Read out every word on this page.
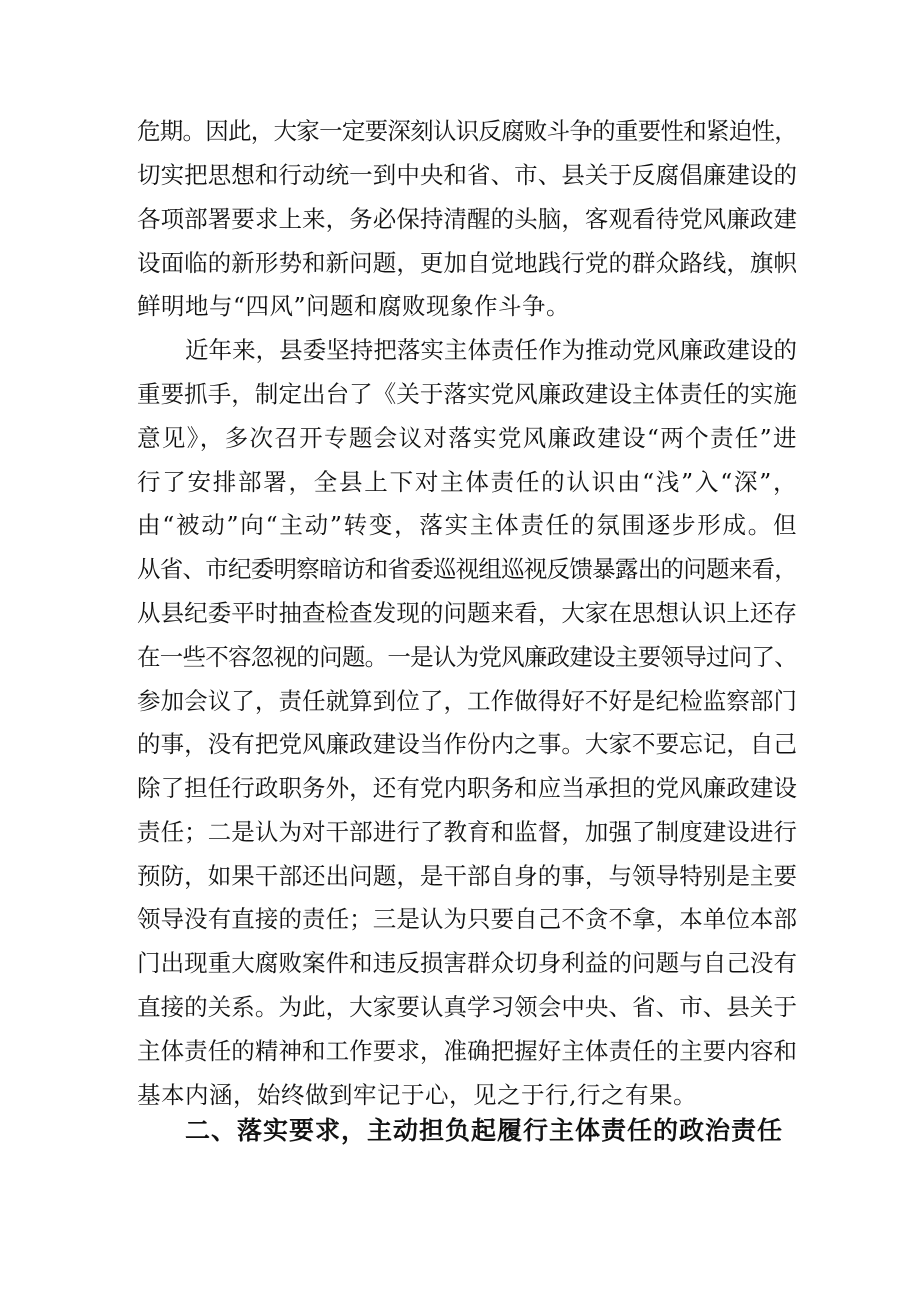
危期。因此，大家一定要深刻认识反腐败斗争的重要性和紧迫性，
切实把思想和行动统一到中央和省、市、县关于反腐倡廉建设的
各项部署要求上来，务必保持清醒的头脑，客观看待党风廉政建
设面临的新形势和新问题，更加自觉地践行党的群众路线，旗帜
鲜明地与“四风”问题和腐败现象作斗争。
近年来，县委坚持把落实主体责任作为推动党风廉政建设的
重要抓手，制定出台了《关于落实党风廉政建设主体责任的实施
意见》，多次召开专题会议对落实党风廉政建设“两个责任”进
行了安排部署，全县上下对主体责任的认识由“浅”入“深”，
由“被动”向“主动”转变，落实主体责任的氛围逐步形成。但
从省、市纪委明察暗访和省委巡视组巡视反馈暴露出的问题来看，
从县纪委平时抽查检查发现的问题来看，大家在思想认识上还存
在一些不容忽视的问题。一是认为党风廉政建设主要领导过问了、
参加会议了，责任就算到位了，工作做得好不好是纪检监察部门
的事，没有把党风廉政建设当作份内之事。大家不要忘记，自己
除了担任行政职务外，还有党内职务和应当承担的党风廉政建设
责任；二是认为对干部进行了教育和监督，加强了制度建设进行
预防，如果干部还出问题，是干部自身的事，与领导特别是主要
领导没有直接的责任；三是认为只要自己不贪不拿，本单位本部
门出现重大腐败案件和违反损害群众切身利益的问题与自己没有
直接的关系。为此，大家要认真学习领会中央、省、市、县关于
主体责任的精神和工作要求，准确把握好主体责任的主要内容和
基本内涵，始终做到牢记于心，见之于行,行之有果。
二、落实要求，主动担负起履行主体责任的政治责任
